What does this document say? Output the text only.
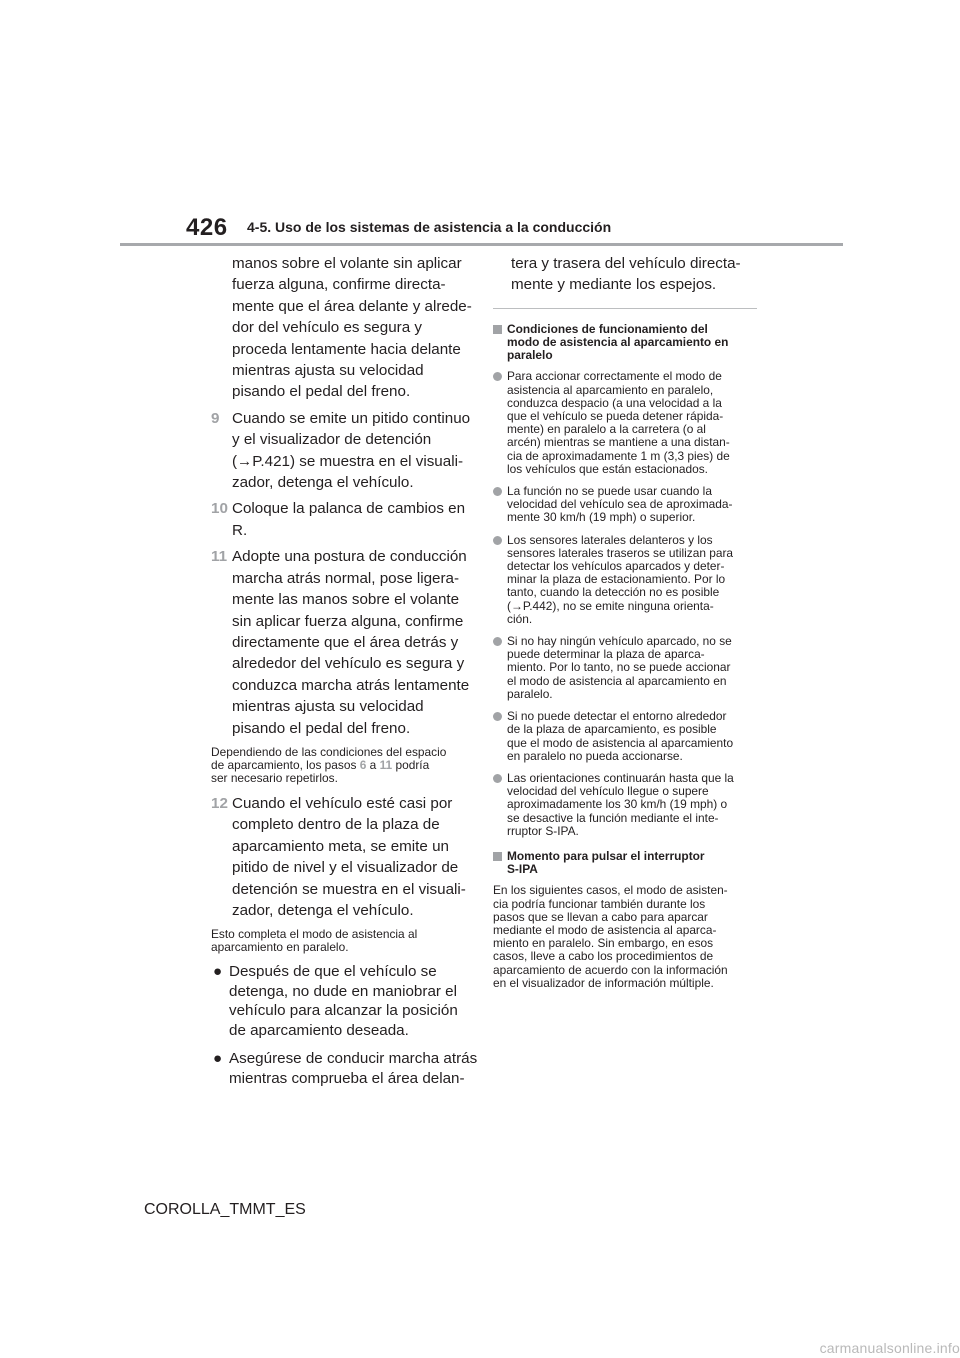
426 4-5. Uso de los sistemas de asistencia a la conducción

manos sobre el volante sin aplicar

fuerza alguna, confirme directa-

mente que el área delante y alrede-

dor del vehículo es segura y

proceda lentamente hacia delante

mientras ajusta su velocidad

pisando el pedal del freno.

9 Cuando se emite un pitido continuo
y el visualizador de detención
(→P.421) se muestra en el visuali-
zador, detenga el vehículo.
10 Coloque la palanca de cambios en
R.
11 Adopte una postura de conducción
marcha atrás normal, pose ligera-
mente las manos sobre el volante
sin aplicar fuerza alguna, confirme
directamente que el área detrás y
alrededor del vehículo es segura y
conduzca marcha atrás lentamente
mientras ajusta su velocidad
pisando el pedal del freno.
Dependiendo de las condiciones del espacio
de aparcamiento, los pasos 6 a 11 podría
ser necesario repetirlos.
12 Cuando el vehículo esté casi por
completo dentro de la plaza de
aparcamiento meta, se emite un
pitido de nivel y el visualizador de
detención se muestra en el visuali-
zador, detenga el vehículo.
Esto completa el modo de asistencia al
aparcamiento en paralelo.
● Después de que el vehículo se
detenga, no dude en maniobrar el
vehículo para alcanzar la posición
de aparcamiento deseada.
● Asegúrese de conducir marcha atrás
mientras comprueba el área delan-

tera y trasera del vehículo directa-

mente y mediante los espejos.

Condiciones de funcionamiento del
modo de asistencia al aparcamiento en
paralelo
Para accionar correctamente el modo de
asistencia al aparcamiento en paralelo,
conduzca despacio (a una velocidad a la
que el vehículo se pueda detener rápida-
mente) en paralelo a la carretera (o al
arcén) mientras se mantiene a una distan-
cia de aproximadamente 1 m (3,3 pies) de
los vehículos que están estacionados.
La función no se puede usar cuando la
velocidad del vehículo sea de aproximada-
mente 30 km/h (19 mph) o superior.
Los sensores laterales delanteros y los
sensores laterales traseros se utilizan para
detectar los vehículos aparcados y deter-
minar la plaza de estacionamiento. Por lo
tanto, cuando la detección no es posible
(→P.442), no se emite ninguna orienta-
ción.
Si no hay ningún vehículo aparcado, no se
puede determinar la plaza de aparca-
miento. Por lo tanto, no se puede accionar
el modo de asistencia al aparcamiento en
paralelo.
Si no puede detectar el entorno alrededor
de la plaza de aparcamiento, es posible
que el modo de asistencia al aparcamiento
en paralelo no pueda accionarse.
Las orientaciones continuarán hasta que la
velocidad del vehículo llegue o supere
aproximadamente los 30 km/h (19 mph) o
se desactive la función mediante el inte-
rruptor S-IPA.
Momento para pulsar el interruptor
S-IPA
En los siguientes casos, el modo de asisten-
cia podría funcionar también durante los
pasos que se llevan a cabo para aparcar
mediante el modo de asistencia al aparca-
miento en paralelo. Sin embargo, en esos
casos, lleve a cabo los procedimientos de
aparcamiento de acuerdo con la información
en el visualizador de información múltiple.
COROLLA_TMMT_ES
carmanualsonline.info
